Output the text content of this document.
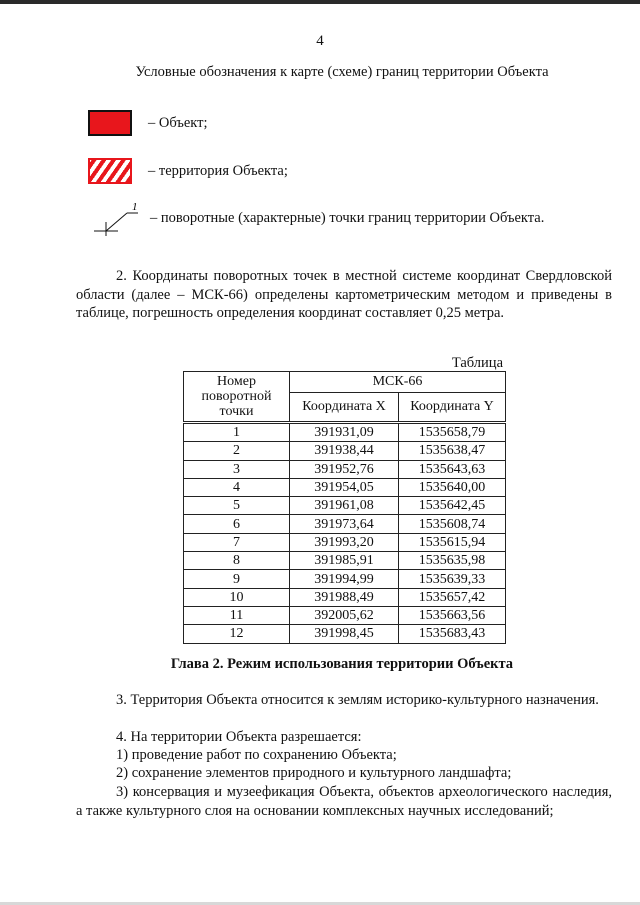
4
Условные обозначения к карте (схеме) границ территории Объекта
– Объект;
– территория Объекта;
1
– поворотные (характерные) точки границ территории Объекта.

2. Координаты поворотных точек в местной системе координат Свердловской области (далее – МСК-66) определены картометрическим методом и приведены в таблице, погрешность определения координат составляет 0,25 метра.

Таблица
Номер поворотной точки	МСК-66	
	Координата X	Координата Y
1	391931,09	1535658,79
2	391938,44	1535638,47
3	391952,76	1535643,63
4	391954,05	1535640,00
5	391961,08	1535642,45
6	391973,64	1535608,74
7	391993,20	1535615,94
8	391985,91	1535635,98
9	391994,99	1535639,33
10	391988,49	1535657,42
11	392005,62	1535663,56
12	391998,45	1535683,43
Глава 2. Режим использования территории Объекта

3. Территория Объекта относится к землям историко-культурного назначения.

4. На территории Объекта разрешается:

1) проведение работ по сохранению Объекта;

2) сохранение элементов природного и культурного ландшафта;

3) консервация и музеефикация Объекта, объектов археологического наследия, а также культурного слоя на основании комплексных научных исследований;
